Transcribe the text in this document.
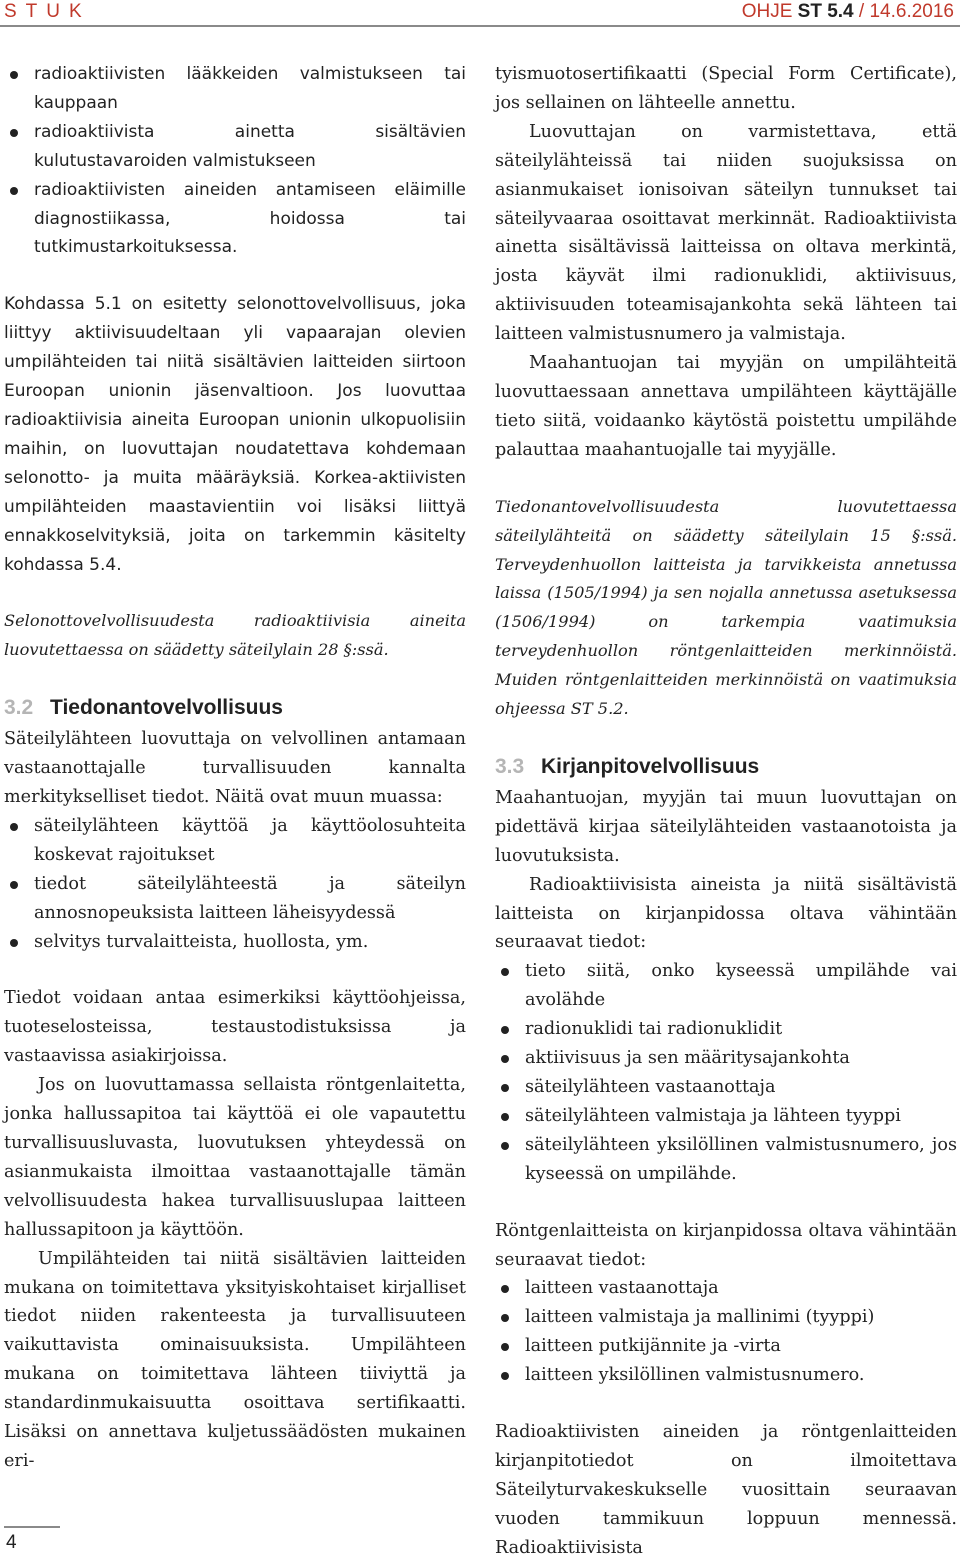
STUK	OHJE ST 5.4 / 14.6.2016
radioaktiivisten lääkkeiden valmistukseen tai kauppaan
radioaktiivista ainetta sisältävien kulutustavaroiden valmistukseen
radioaktiivisten aineiden antamiseen eläimille diagnostiikassa, hoidossa tai tutkimustarkoituksessa.

Kohdassa 5.1 on esitetty selonottovelvollisuus, joka liittyy aktiivisuudeltaan yli vapaarajan olevien umpilähteiden tai niitä sisältävien laitteiden siirtoon Euroopan unionin jäsenvaltioon. Jos luovuttaa radioaktiivisia aineita Euroopan unionin ulkopuolisiin maihin, on luovuttajan noudatettava kohdemaan selonotto- ja muita määräyksiä. Korkea-aktiivisten umpilähteiden maastavientiin voi lisäksi liittyä ennakkoselvityksiä, joita on tarkemmin käsitelty kohdassa 5.4.

Selonottovelvollisuudesta radioaktiivisia aineita luovutettaessa on säädetty säteilylain 28 §:ssä.

3.2 Tiedonantovelvollisuus

Säteilylähteen luovuttaja on velvollinen antamaan vastaanottajalle turvallisuuden kannalta merkitykselliset tiedot. Näitä ovat muun muassa:

säteilylähteen käyttöä ja käyttöolosuhteita koskevat rajoitukset
tiedot säteilylähteestä ja säteilyn annosnopeuksista laitteen läheisyydessä
selvitys turvalaitteista, huollosta, ym.

Tiedot voidaan antaa esimerkiksi käyttöohjeissa, tuoteselosteissa, testaustodistuksissa ja vastaavissa asiakirjoissa.

Jos on luovuttamassa sellaista röntgenlaitetta, jonka hallussapitoa tai käyttöä ei ole vapautettu turvallisuusluvasta, luovutuksen yhteydessä on asianmukaista ilmoittaa vastaanottajalle tämän velvollisuudesta hakea turvallisuuslupaa laitteen hallussapitoon ja käyttöön.

Umpilähteiden tai niitä sisältävien laitteiden mukana on toimitettava yksityiskohtaiset kirjalliset tiedot niiden rakenteesta ja turvallisuuteen vaikuttavista ominaisuuksista. Umpilähteen mukana on toimitettava lähteen tiiviyttä ja standardinmukaisuutta osoittava sertifikaatti. Lisäksi on annettava kuljetussäädösten mukainen eri-

tyismuotosertifikaatti (Special Form Certificate), jos sellainen on lähteelle annettu.

Luovuttajan on varmistettava, että säteilylähteissä tai niiden suojuksissa on asianmukaiset ionisoivan säteilyn tunnukset tai säteilyvaaraa osoittavat merkinnät. Radioaktiivista ainetta sisältävissä laitteissa on oltava merkintä, josta käyvät ilmi radionuklidi, aktiivisuus, aktiivisuuden toteamisajankohta sekä lähteen tai laitteen valmistusnumero ja valmistaja.

Maahantuojan tai myyjän on umpilähteitä luovuttaessaan annettava umpilähteen käyttäjälle tieto siitä, voidaanko käytöstä poistettu umpilähde palauttaa maahantuojalle tai myyjälle.

Tiedonantovelvollisuudesta luovutettaessa säteilylähteitä on säädetty säteilylain 15 §:ssä. Terveydenhuollon laitteista ja tarvikkeista annetussa laissa (1505/1994) ja sen nojalla annetussa asetuksessa (1506/1994) on tarkempia vaatimuksia terveydenhuollon röntgenlaitteiden merkinnöistä. Muiden röntgenlaitteiden merkinnöistä on vaatimuksia ohjeessa ST 5.2.

3.3 Kirjanpitovelvollisuus

Maahantuojan, myyjän tai muun luovuttajan on pidettävä kirjaa säteilylähteiden vastaanotoista ja luovutuksista.

Radioaktiivisista aineista ja niitä sisältävistä laitteista on kirjanpidossa oltava vähintään seuraavat tiedot:

tieto siitä, onko kyseessä umpilähde vai avolähde
radionuklidi tai radionuklidit
aktiivisuus ja sen määritysajankohta
säteilylähteen vastaanottaja
säteilylähteen valmistaja ja lähteen tyyppi
säteilylähteen yksilöllinen valmistusnumero, jos kyseessä on umpilähde.

Röntgenlaitteista on kirjanpidossa oltava vähintään seuraavat tiedot:

laitteen vastaanottaja
laitteen valmistaja ja mallinimi (tyyppi)
laitteen putkijännite ja -virta
laitteen yksilöllinen valmistusnumero.

Radioaktiivisten aineiden ja röntgenlaitteiden kirjanpitotiedot on ilmoitettava Säteilyturvakeskukselle vuosittain seuraavan vuoden tammikuun loppuun mennessä. Radioaktiivisista

4
